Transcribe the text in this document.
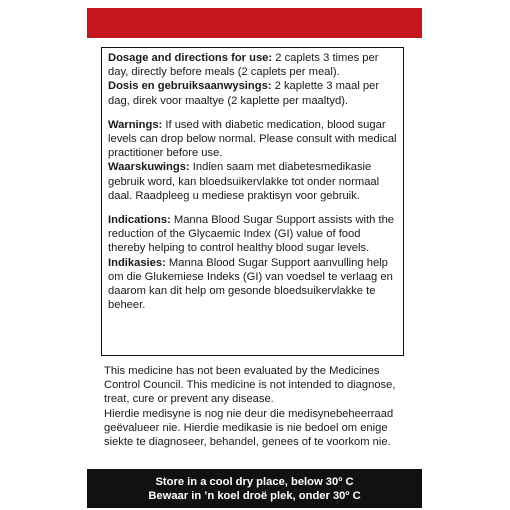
Dosage and directions for use: 2 caplets 3 times per day, directly before meals (2 caplets per meal).

Dosis en gebruiksaanwysings: 2 kaplette 3 maal per dag, direk voor maaltye (2 kaplette per maaltyd).

Warnings: If used with diabetic medication, blood sugar levels can drop below normal. Please consult with medical practitioner before use.

Waarskuwings: Indien saam met diabetesmedikasie gebruik word, kan bloedsuikervlakke tot onder normaal daal. Raadpleeg u mediese praktisyn voor gebruik.

Indications: Manna Blood Sugar Support assists with the reduction of the Glycaemic Index (GI) value of food thereby helping to control healthy blood sugar levels.

Indikasies: Manna Blood Sugar Support aanvulling help om die Glukemiese Indeks (GI) van voedsel te verlaag en daarom kan dit help om gesonde bloedsuikervlakke te beheer.

This medicine has not been evaluated by the Medicines Control Council. This medicine is not intended to diagnose, treat, cure or prevent any disease.

Hierdie medisyne is nog nie deur die medisynebeheerraad geëvalueer nie. Hierdie medikasie is nie bedoel om enige siekte te diagnoseer, behandel, genees of te voorkom nie.

Store in a cool dry place, below 30º C
Bewaar in ’n koel droë plek, onder 30º C
